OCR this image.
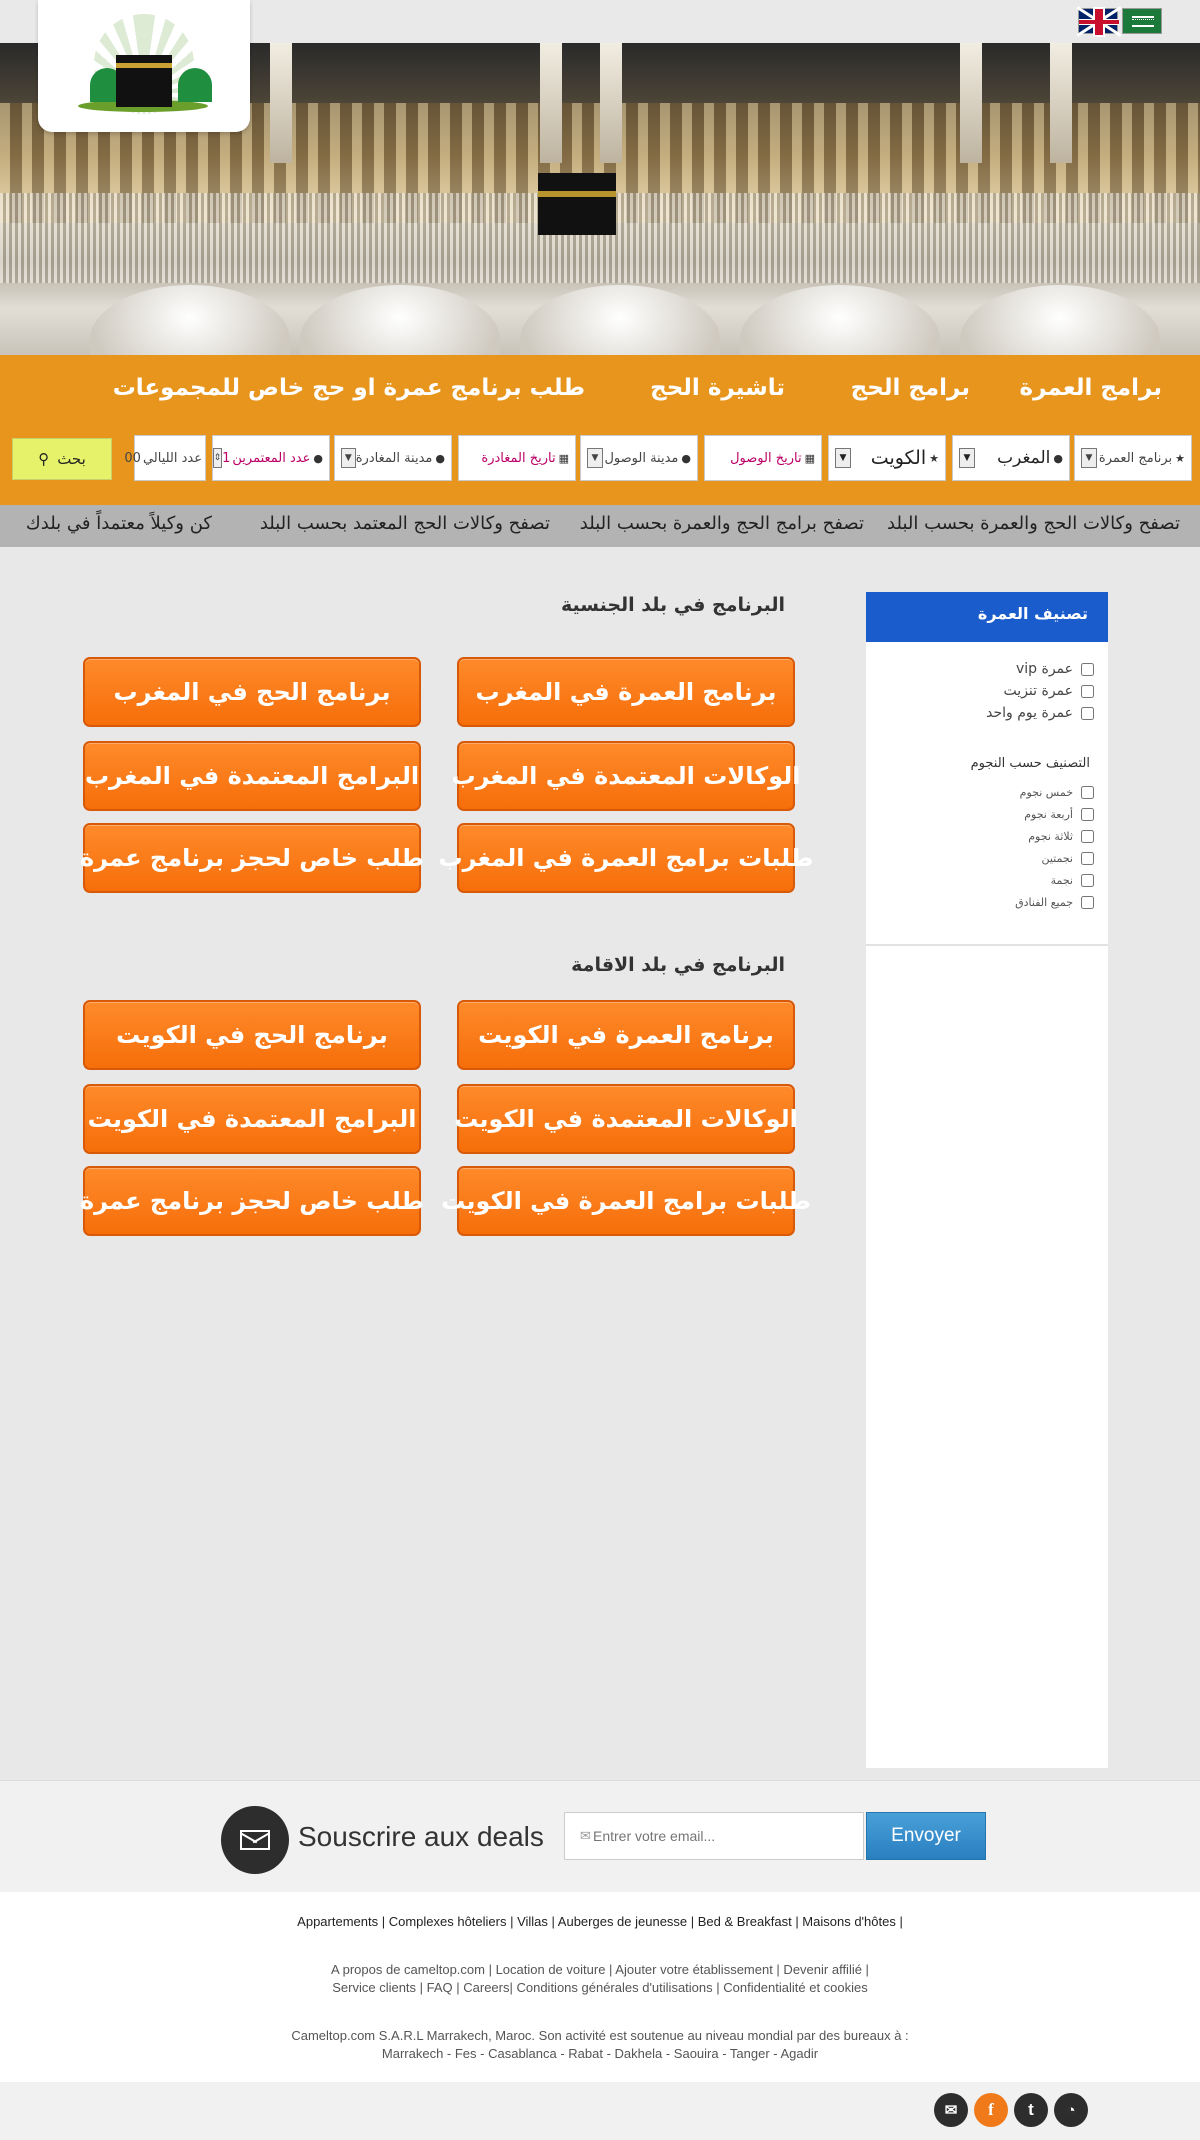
برامج العمرة
برامج الحج
تاشيرة الحج
طلب برنامج عمرة او حج خاص للمجموعات
★
برنامج العمرة
▼
●
المغرب
▼
★
الكويت
▼
▦
تاريخ الوصول
●
مدينة الوصول
▼
▦
تاريخ المغادرة
●
مدينة المغادرة
▼
●
عدد المعتمرين
1
⇕
عدد الليالي
00
بحث
⚲
تصفح وكالات الحج والعمرة بحسب البلد
تصفح برامج الحج والعمرة بحسب البلد
تصفح وكالات الحج المعتمد بحسب البلد
كن وكيلاً معتمداً في بلدك
تصنيف العمرة
عمرة vip
عمرة تنزيت
عمرة يوم واحد
التصنيف حسب النجوم
خمس نجوم
أربعة نجوم
ثلاثة نجوم
نجمتين
نجمة
جميع الفنادق
البرنامج في بلد الجنسية
برنامج العمرة في المغرب
برنامج الحج في المغرب
الوكالات المعتمدة في المغرب
البرامج المعتمدة في المغرب
طلبات برامج العمرة في المغرب
طلب خاص لحجز برنامج عمرة
البرنامج في بلد الاقامة
برنامج العمرة في الكويت
برنامج الحج في الكويت
الوكالات المعتمدة في الكويت
البرامج المعتمدة في الكويت
طلبات برامج العمرة في الكويت
طلب خاص لحجز برنامج عمرة
Souscrire aux deals
Entrer votre email...	✉	Envoyer
Appartements | Complexes hôteliers | Villas | Auberges de jeunesse | Bed & Breakfast | Maisons d'hôtes |
A propos de cameltop.com | Location de voiture | Ajouter votre établissement | Devenir affilié |
Service clients | FAQ | Careers| Conditions générales d'utilisations | Confidentialité et cookies
Cameltop.com S.A.R.L Marrakech, Maroc. Son activité est soutenue au niveau mondial par des bureaux à :
Marrakech - Fes - Casablanca - Rabat - Dakhela - Saouira - Tanger - Agadir
✉	f	t	◔
